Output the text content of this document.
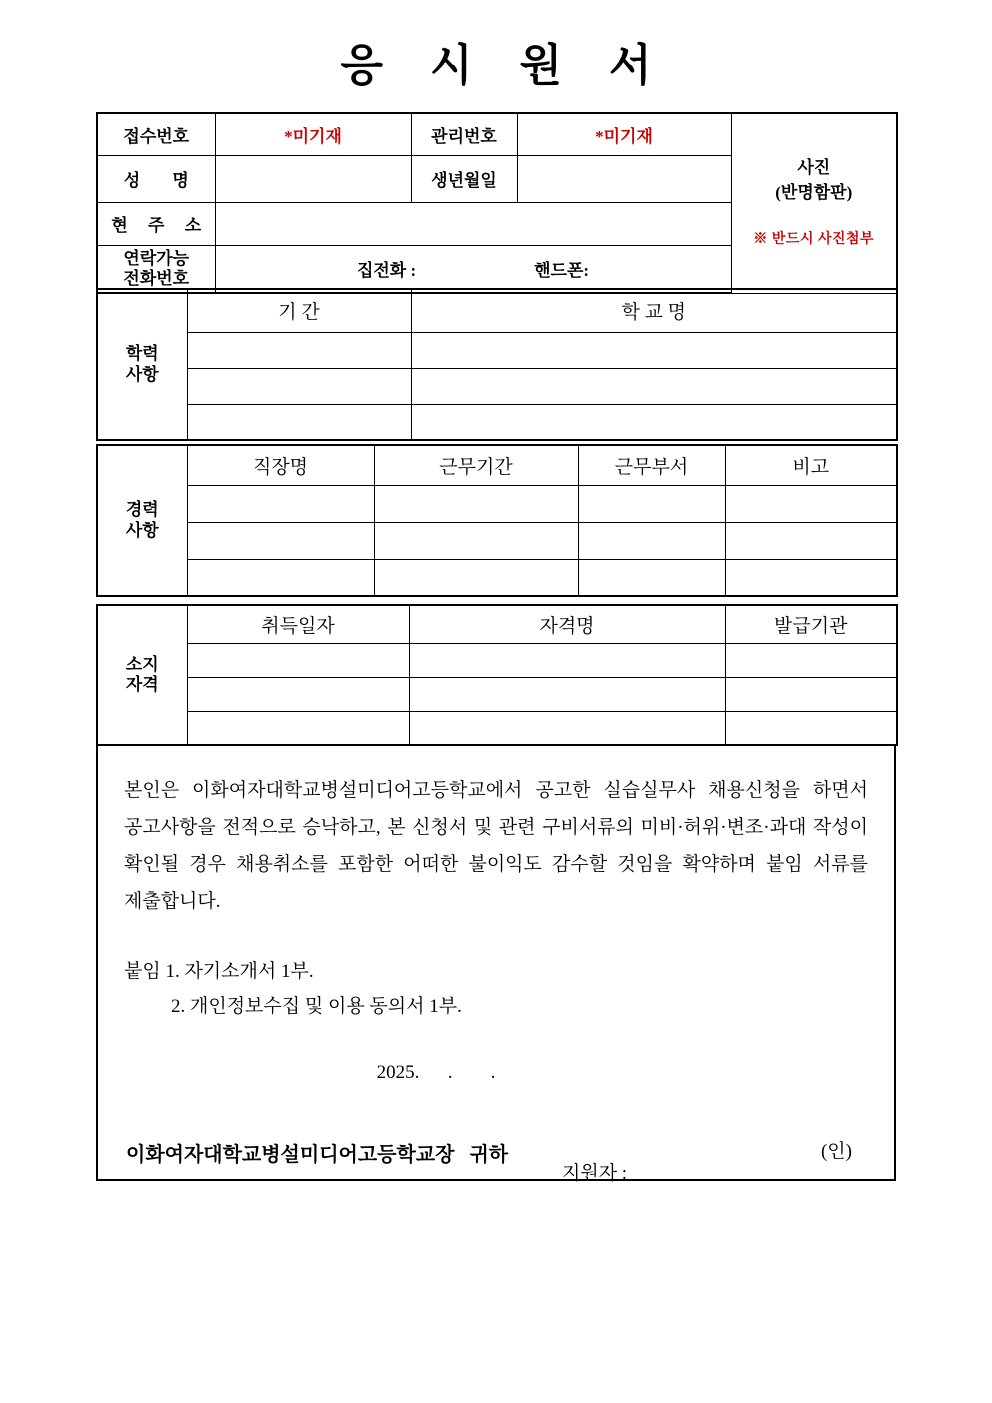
응 시 원 서
접수번호	*미기재	관리번호	*미기재	사진
(반명함판)
※ 반드시 사진첨부

성 명		생년월일		
현 주 소				
연락가능
전화번호	집전화 : 핸드폰:			
학력
사항	기 간	학 교 명

경력
사항	직장명	근무기간	근무부서	비고

소지
자격	취득일자	자격명	발급기관

본인은 이화여자대학교병설미디어고등학교에서 공고한 실습실무사 채용신청을 하면서 공고사항을 전적으로 승낙하고, 본 신청서 및 관련 구비서류의 미비·허위·변조·과대 작성이 확인될 경우 채용취소를 포함한 어떠한 불이익도 감수할 것임을 확약하며 붙임 서류를 제출합니다.

붙임 1. 자기소개서 1부.
2. 개인정보수집 및 이용 동의서 1부.
2025.      .        .

지원자 :

(인)

이화여자대학교병설미디어고등학교장   귀하
